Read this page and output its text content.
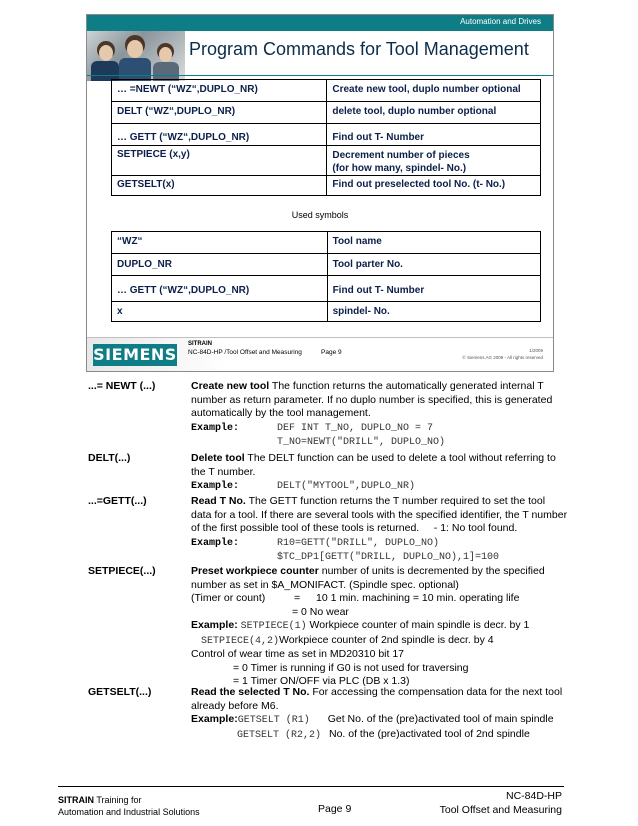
Automation and Drives
Program Commands for Tool Management
… =NEWT (“WZ“,DUPLO_NR)	Create new tool, duplo number optional
DELT (“WZ“,DUPLO_NR)	delete tool, duplo number optional
… GETT (“WZ“,DUPLO_NR)	Find out T- Number
SETPIECE (x,y)	Decrement number of pieces
(for how many, spindel- No.)

GETSELT(x)	Find out preselected tool No. (t- No.)
Used symbols
“WZ“	Tool name
DUPLO_NR	Tool parter No.
… GETT (“WZ“,DUPLO_NR)	Find out T- Number
x	spindel- No.
SIEMENS
SITRAIN
NC-84D-HP /Tool Offset and Measuring	Page 9	1/2009
© Siemens AG 2009 - All rights reserved
...= NEWT (...)	Create new tool The function returns the automatically generated internal T
number as return parameter. If no duplo number is specified, this is generated
automatically by the tool management.
Example:	DEF INT T_NO, DUPLO_NO = 7
T_NO=NEWT("DRILL", DUPLO_NO)
DELT(...)	Delete tool The DELT function can be used to delete a tool without referring to
the T number.
Example:	DELT("MYTOOL",DUPLO_NR)
...=GETT(...)	Read T No. The GETT function returns the T number required to set the tool
data for a tool. If there are several tools with the specified identifier, the T number
of the first possible tool of these tools is returned.     - 1: No tool found.
Example:	R10=GETT("DRILL", DUPLO_NO)
$TC_DP1[GETT("DRILL, DUPLO_NO),1]=100
SETPIECE(...)	Preset workpiece counter number of units is decremented by the specified
number as set in $A_MONIFACT. (Spindle spec. optional)
(Timer or count)	= 10 1 min. machining = 10 min. operating life
= 0 No wear
Example: SETPIECE(1) Workpiece counter of main spindle is decr. by 1
SETPIECE(4,2)Workpiece counter of 2nd spindle is decr. by 4
Control of wear time as set in MD20310 bit 17
= 0 Timer is running if G0 is not used for traversing
= 1 Timer ON/OFF via PLC (DB x 1.3)
GETSELT(...)	Read the selected T No. For accessing the compensation data for the next tool
already before M6.
Example:GETSELT (R1) Get No. of the (pre)activated tool of main spindle
GETSELT (R2,2) No. of the (pre)activated tool of 2nd spindle
SITRAIN Training for
Automation and Industrial Solutions	Page 9
NC-84D-HP
Tool Offset and Measuring
